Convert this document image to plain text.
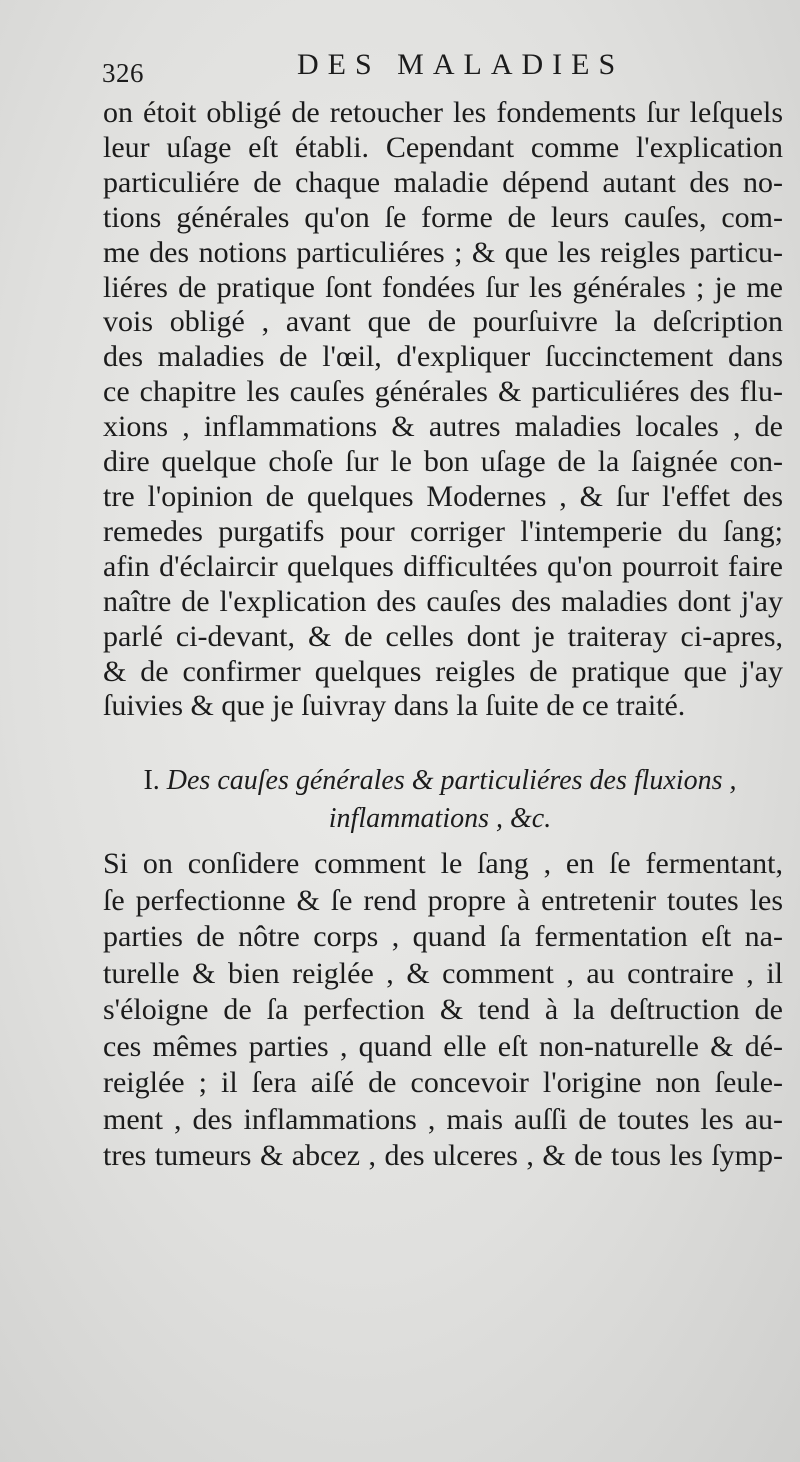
326	DES MALADIES
on étoit obligé de retoucher les fondements ſur leſquels
leur uſage eſt établi. Cependant comme l'explication
particuliére de chaque maladie dépend autant des no-
tions générales qu'on ſe forme de leurs cauſes, com-
me des notions particuliéres ; & que les reigles particu-
liéres de pratique ſont fondées ſur les générales ; je me
vois obligé , avant que de pourſuivre la deſcription
des maladies de l'œil, d'expliquer ſuccinctement dans
ce chapitre les cauſes générales & particuliéres des flu-
xions , inflammations & autres maladies locales , de
dire quelque choſe ſur le bon uſage de la ſaignée con-
tre l'opinion de quelques Modernes , & ſur l'effet des
remedes purgatifs pour corriger l'intemperie du ſang;
afin d'éclaircir quelques difficultées qu'on pourroit faire
naître de l'explication des cauſes des maladies dont j'ay
parlé ci-devant, & de celles dont je traiteray ci-apres,
& de confirmer quelques reigles de pratique que j'ay
ſuivies & que je ſuivray dans la ſuite de ce traité.
I. Des cauſes générales & particuliéres des fluxions ,
inflammations , &c.
Si on conſidere comment le ſang , en ſe fermentant,
ſe perfectionne & ſe rend propre à entretenir toutes les
parties de nôtre corps , quand ſa fermentation eſt na-
turelle & bien reiglée , & comment , au contraire , il
s'éloigne de ſa perfection & tend à la deſtruction de
ces mêmes parties , quand elle eſt non-naturelle & dé-
reiglée ; il ſera aiſé de concevoir l'origine non ſeule-
ment , des inflammations , mais auſſi de toutes les au-
tres tumeurs & abcez , des ulceres , & de tous les ſymp-
